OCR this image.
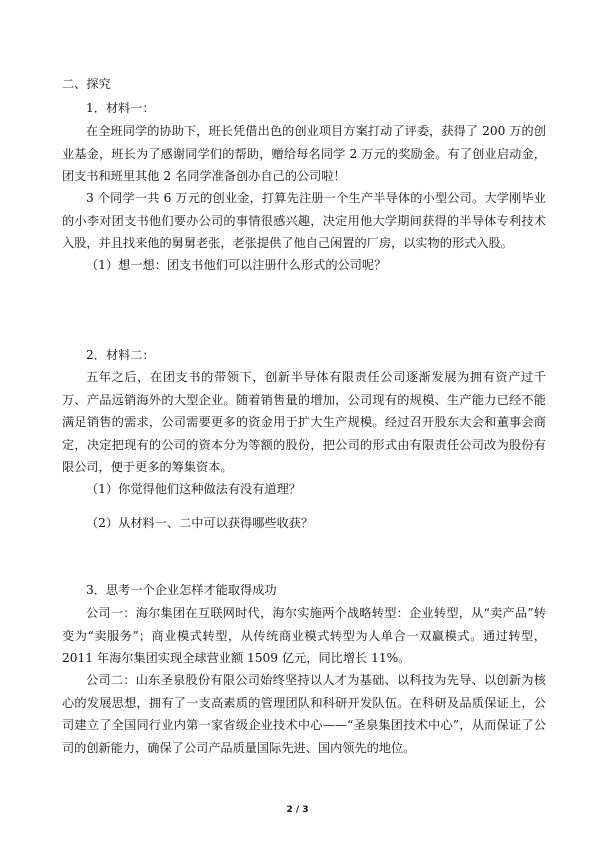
二、探究

1．材料一：

在全班同学的协助下，班长凭借出色的创业项目方案打动了评委，获得了 200 万的创业基金，班长为了感谢同学们的帮助，赠给每名同学 2 万元的奖励金。有了创业启动金，团支书和班里其他 2 名同学准备创办自己的公司啦！

3 个同学一共 6 万元的创业金，打算先注册一个生产半导体的小型公司。大学刚毕业的小李对团支书他们要办公司的事情很感兴趣，决定用他大学期间获得的半导体专利技术入股，并且找来他的舅舅老张，老张提供了他自己闲置的厂房，以实物的形式入股。

（1）想一想：团支书他们可以注册什么形式的公司呢？

2．材料二：

五年之后，在团支书的带领下，创新半导体有限责任公司逐渐发展为拥有资产过千万、产品远销海外的大型企业。随着销售量的增加，公司现有的规模、生产能力已经不能满足销售的需求，公司需要更多的资金用于扩大生产规模。经过召开股东大会和董事会商定，决定把现有的公司的资本分为等额的股份，把公司的形式由有限责任公司改为股份有限公司，便于更多的筹集资本。

（1）你觉得他们这种做法有没有道理？

（2）从材料一、二中可以获得哪些收获？

3．思考一个企业怎样才能取得成功

公司一：海尔集团在互联网时代，海尔实施两个战略转型：企业转型，从“卖产品”转变为“卖服务”；商业模式转型，从传统商业模式转型为人单合一双赢模式。通过转型，2011 年海尔集团实现全球营业额 1509 亿元，同比增长 11%。

公司二：山东圣泉股份有限公司始终坚持以人才为基础、以科技为先导、以创新为核心的发展思想，拥有了一支高素质的管理团队和科研开发队伍。在科研及品质保证上，公司建立了全国同行业内第一家省级企业技术中心——“圣泉集团技术中心”，从而保证了公司的创新能力，确保了公司产品质量国际先进、国内领先的地位。

2 / 3
